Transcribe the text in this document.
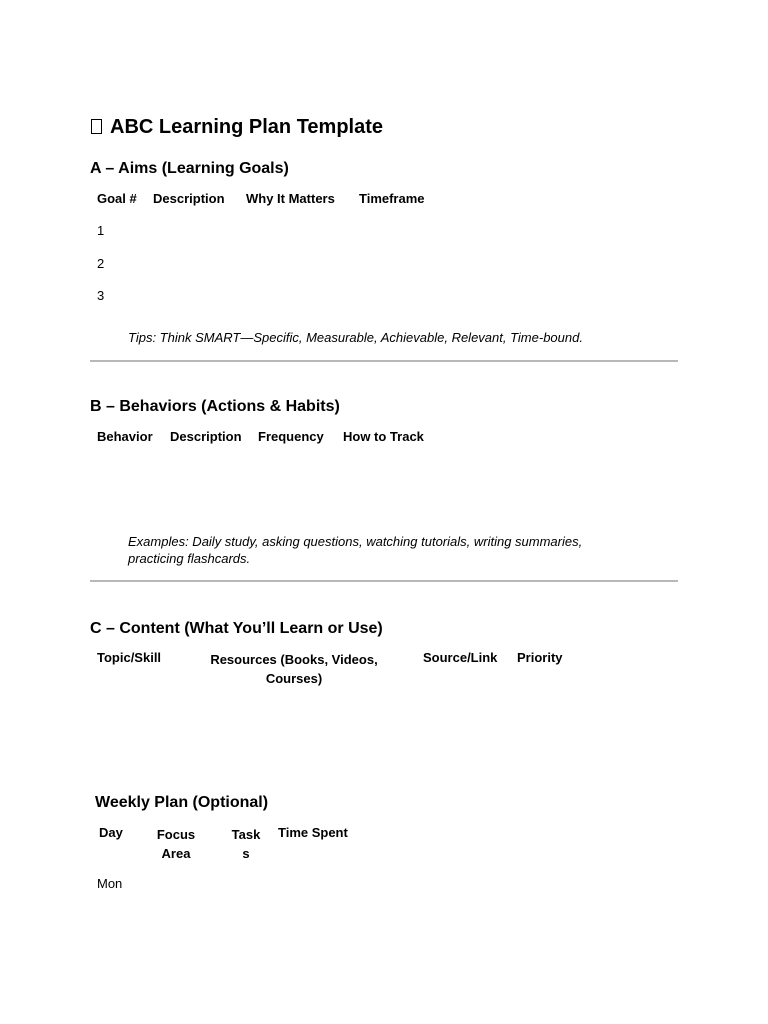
ABC Learning Plan Template
A – Aims (Learning Goals)
Goal # Description Why It Matters Timeframe
1
2
3
Tips: Think SMART—Specific, Measurable, Achievable, Relevant, Time-bound.
B – Behaviors (Actions & Habits)
Behavior Description Frequency How to Track
Examples: Daily study, asking questions, watching tutorials, writing summaries, practicing flashcards.
C – Content (What You’ll Learn or Use)
Topic/Skill	Resources (Books, Videos, Courses)
Source/Link Priority
Weekly Plan (Optional)
Day	Focus Area
Tasks
Time Spent
Mon
